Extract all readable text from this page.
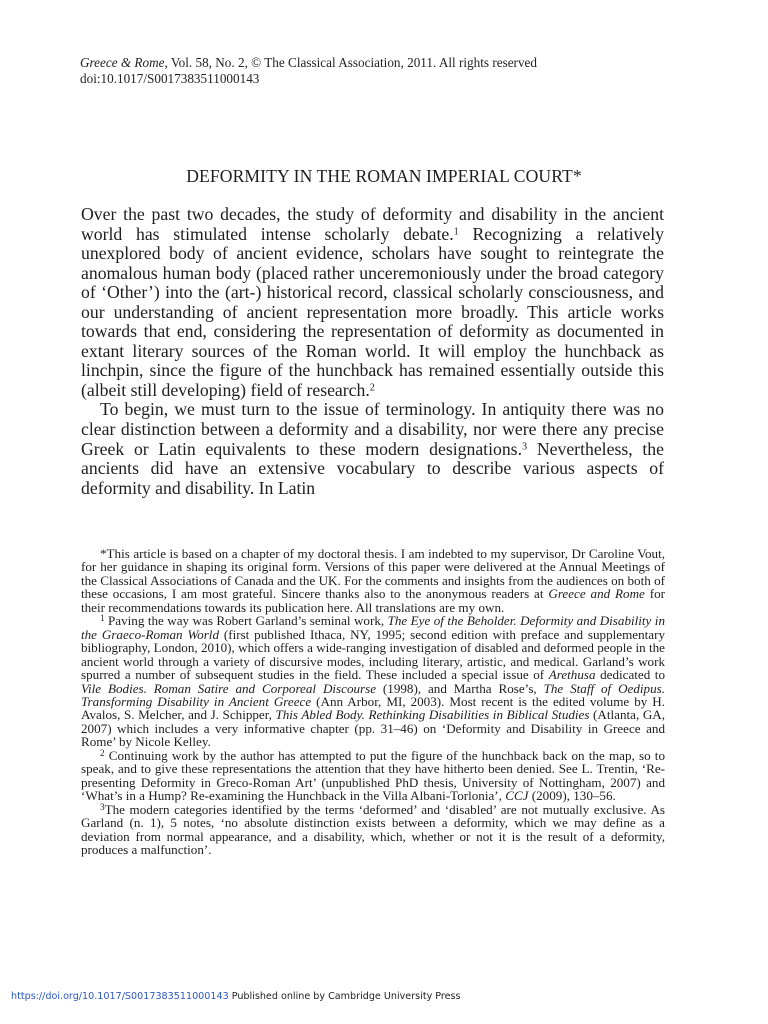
Greece & Rome, Vol. 58, No. 2, © The Classical Association, 2011. All rights reserved
doi:10.1017/S0017383511000143
DEFORMITY IN THE ROMAN IMPERIAL COURT*

Over the past two decades, the study of deformity and disability in the ancient world has stimulated intense scholarly debate.$^1$ Recognizing a relatively unexplored body of ancient evidence, scholars have sought to reintegrate the anomalous human body (placed rather unceremoniously under the broad category of ‘Other’) into the (art-) historical record, classical scholarly consciousness, and our understanding of ancient representation more broadly. This article works towards that end, considering the representation of deformity as documented in extant literary sources of the Roman world. It will employ the hunchback as linchpin, since the figure of the hunchback has remained essentially outside this (albeit still developing) field of research.$^2$

To begin, we must turn to the issue of terminology. In antiquity there was no clear distinction between a deformity and a disability, nor were there any precise Greek or Latin equivalents to these modern designations.$^3$ Nevertheless, the ancients did have an extensive vocabulary to describe various aspects of deformity and disability. In Latin

*This article is based on a chapter of my doctoral thesis. I am indebted to my supervisor, Dr Caroline Vout, for her guidance in shaping its original form. Versions of this paper were delivered at the Annual Meetings of the Classical Associations of Canada and the UK. For the comments and insights from the audiences on both of these occasions, I am most grateful. Sincere thanks also to the anonymous readers at Greece and Rome for their recommendations towards its publication here. All translations are my own.

$^1$ Paving the way was Robert Garland’s seminal work, The Eye of the Beholder. Deformity and Disability in the Graeco-Roman World (first published Ithaca, NY, 1995; second edition with preface and supplementary bibliography, London, 2010), which offers a wide-ranging investigation of disabled and deformed people in the ancient world through a variety of discursive modes, including literary, artistic, and medical. Garland’s work spurred a number of subsequent studies in the field. These included a special issue of Arethusa dedicated to Vile Bodies. Roman Satire and Corporeal Discourse (1998), and Martha Rose’s, The Staff of Oedipus. Transforming Disability in Ancient Greece (Ann Arbor, MI, 2003). Most recent is the edited volume by H. Avalos, S. Melcher, and J. Schipper, This Abled Body. Rethinking Disabilities in Biblical Studies (Atlanta, GA, 2007) which includes a very informative chapter (pp. 31–46) on ‘Deformity and Disability in Greece and Rome’ by Nicole Kelley.

$^2$ Continuing work by the author has attempted to put the figure of the hunchback back on the map, so to speak, and to give these representations the attention that they have hitherto been denied. See L. Trentin, ‘Re-presenting Deformity in Greco-Roman Art’ (unpublished PhD thesis, University of Nottingham, 2007) and ‘What’s in a Hump? Re-examining the Hunchback in the Villa Albani-Torlonia’, CCJ (2009), 130–56.

$^3$The modern categories identified by the terms ‘deformed’ and ‘disabled’ are not mutually exclusive. As Garland (n. 1), 5 notes, ‘no absolute distinction exists between a deformity, which we may define as a deviation from normal appearance, and a disability, which, whether or not it is the result of a deformity, produces a malfunction’.

https://doi.org/10.1017/S0017383511000143 Published online by Cambridge University Press
